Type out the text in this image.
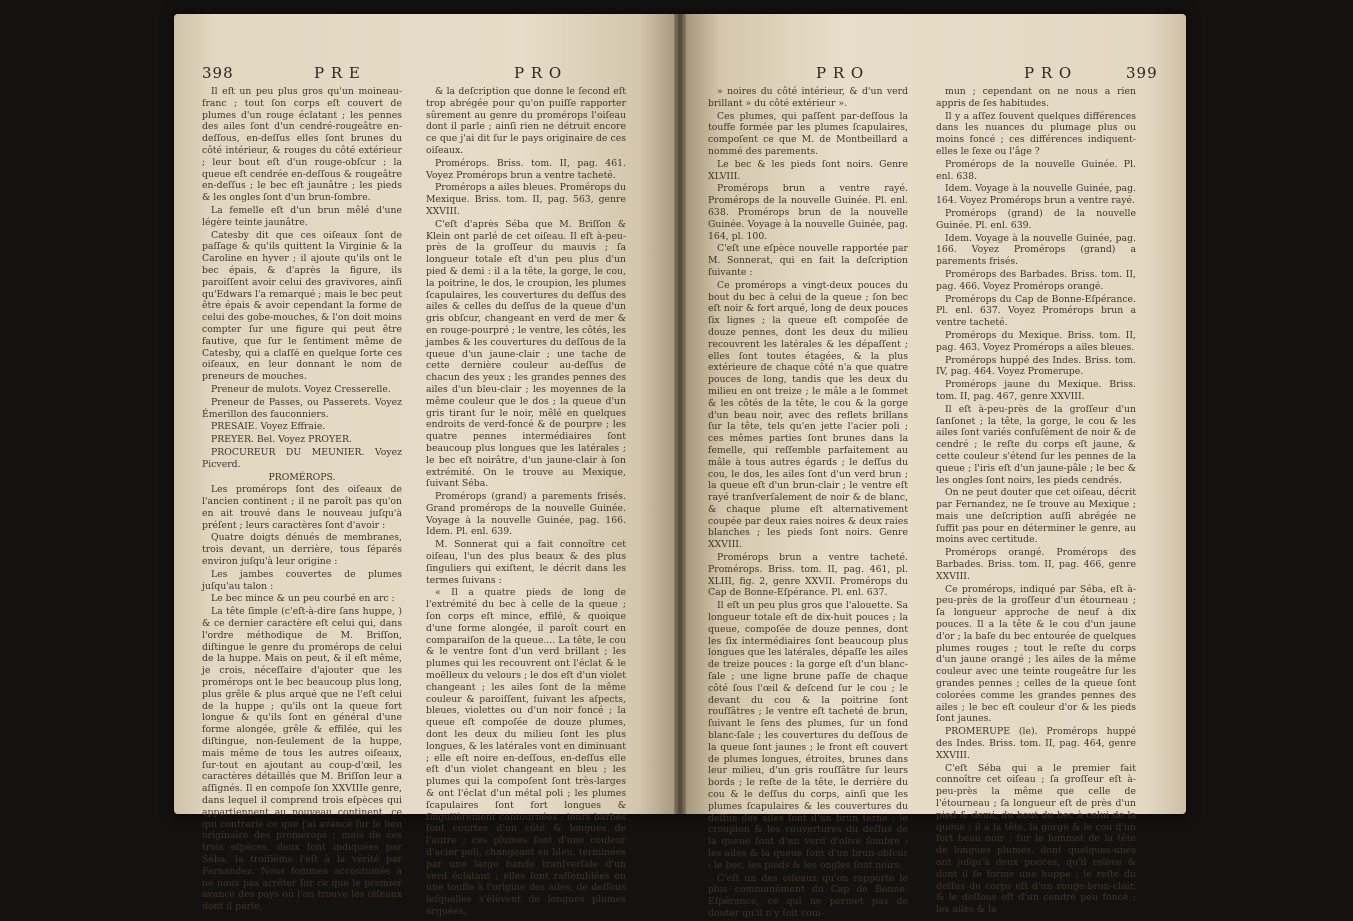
398	P R E	P R O

Il eſt un peu plus gros qu'un moineau-franc ; tout ſon corps eſt couvert de plumes d'un rouge éclatant ; les pennes des ailes ſont d'un cendré-rougeâtre en-deſſous, en-deſſus elles ſont brunes du côté intérieur, & rouges du côté extérieur ; leur bout eſt d'un rouge-obſcur ; la queue eſt cendrée en-deſſous & rougeâtre en-deſſus ; le bec eſt jaunâtre ; les pieds & les ongles ſont d'un brun-ſombre.

La femelle eſt d'un brun mêlé d'une légère teinte jaunâtre.

Catesby dit que ces oiſeaux ſont de paſſage & qu'ils quittent la Virginie & la Caroline en hyver ; il ajoute qu'ils ont le bec épais, & d'après la figure, ils paroiſſent avoir celui des gravivores, ainſi qu'Edwars l'a remarqué ; mais le bec peut être épais & avoir cependant la forme de celui des gobe-mouches, & l'on doit moins compter ſur une figure qui peut être fautive, que ſur le ſentiment même de Catesby, qui a claſſé en quelque ſorte ces oiſeaux, en leur donnant le nom de preneurs de mouches.

Preneur de mulots. Voyez Cresserelle.

Preneur de Passes, ou Passerets. Voyez Émerillon des fauconniers.

PRESAIE. Voyez Effraie.

PREYER. Bel. Voyez PROYER.

PROCUREUR DU MEUNIER. Voyez Picverd.

PROMÉROPS.

Les promérops ſont des oiſeaux de l'ancien continent ; il ne paroît pas qu'on en ait trouvé dans le nouveau juſqu'à préſent ; leurs caractères ſont d'avoir :

Quatre doigts dénués de membranes, trois devant, un derrière, tous ſéparés environ juſqu'à leur origine :

Les jambes couvertes de plumes juſqu'au talon :

Le bec mince & un peu courbé en arc :

La tête ſimple (c'eſt-à-dire ſans huppe, ) & ce dernier caractère eſt celui qui, dans l'ordre méthodique de M. Briſſon, diſtingue le genre du promérops de celui de la huppe. Mais on peut, & il eſt même, je crois, néceſſaire d'ajouter que les promérops ont le bec beaucoup plus long, plus grêle & plus arqué que ne l'eſt celui de la huppe ; qu'ils ont la queue fort longue & qu'ils ſont en général d'une forme alongée, grêle & effilée, qui les diſtingue, non-ſeulement de la huppe, mais même de tous les autres oiſeaux, ſur-tout en ajoutant au coup-d'œil, les caractères détaillés que M. Briſſon leur a aſſignés. Il en compoſe ſon XXVIIIe genre, dans lequel il comprend trois eſpèces qui appartiennent au nouveau continent, ce qui contrarie ce que j'ai avancé ſur le lieu originaire des promérops ; mais de ces trois eſpèces, deux ſont indiquées par Séba, la troiſième l'eſt à la vérité par Fernandez. Nous ſommes accoutumés à ne nous pas arrêter ſur ce que le premier avance des pays où l'on trouve les oiſeaux dont il parle,

& la deſcription que donne le ſecond eſt trop abrégée pour qu'on puiſſe rapporter sûrement au genre du promérops l'oiſeau dont il parle ; ainſi rien ne détruit encore ce que j'ai dit ſur le pays originaire de ces oiſeaux.

Promérops. Briss. tom. II, pag. 461. Voyez Promérops brun a ventre tacheté.

Promérops a ailes bleues. Promérops du Mexique. Briss. tom. II, pag. 563, genre XXVIII.

C'eſt d'après Séba que M. Briſſon & Klein ont parlé de cet oiſeau. Il eſt à-peu-près de la groſſeur du mauvis ; ſa longueur totale eſt d'un peu plus d'un pied & demi : il a la tête, la gorge, le cou, la poitrine, le dos, le croupion, les plumes ſcapulaires, les couvertures du deſſus des ailes & celles du deſſus de la queue d'un gris obſcur, changeant en verd de mer & en rouge-pourpré ; le ventre, les côtés, les jambes & les couvertures du deſſous de la queue d'un jaune-clair ; une tache de cette dernière couleur au-deſſus de chacun des yeux ; les grandes pennes des ailes d'un bleu-clair ; les moyennes de la même couleur que le dos ; la queue d'un gris tirant ſur le noir, mêlé en quelques endroits de verd-foncé & de pourpre ; les quatre pennes intermédiaires ſont beaucoup plus longues que les latérales ; le bec eſt noirâtre, d'un jaune-clair à ſon extrémité. On le trouve au Mexique, ſuivant Séba.

Promérops (grand) a parements frisés. Grand promérops de la nouvelle Guinée. Voyage à la nouvelle Guinée, pag. 166. Idem. Pl. enl. 639.

M. Sonnerat qui a fait connoître cet oiſeau, l'un des plus beaux & des plus ſinguliers qui exiſtent, le décrit dans les termes ſuivans :

« Il a quatre pieds de long de l'extrémité du bec à celle de la queue ; ſon corps eſt mince, effilé, & quoique d'une forme alongée, il paroît court en comparaiſon de la queue.... La tête, le cou & le ventre ſont d'un verd brillant ; les plumes qui les recouvrent ont l'éclat & le moëlleux du velours ; le dos eſt d'un violet changeant ; les ailes ſont de la même couleur & paroiſſent, ſuivant les aſpects, bleues, violettes ou d'un noir foncé ; la queue eſt compoſée de douze plumes, dont les deux du milieu ſont les plus longues, & les latérales vont en diminuant ; elle eſt noire en-deſſous, en-deſſus elle eſt d'un violet changeant en bleu ; les plumes qui la compoſent ſont très-larges & ont l'éclat d'un métal poli ; les plumes ſcapulaires ſont fort longues & ſingulièrement contournées ; leurs barbes ſont courtes d'un côté & longues de l'autre ; ces plumes ſont d'une couleur d'acier poli, changeant en bleu, terminées par une large bande tranſverſale d'un verd éclatant ; elles ſont raſſemblées en une touffe à l'origine des ailes, de deſſous leſquelles s'élèvent de longues plumes arquées,

P R O	P R O	399

» noires du côté intérieur, & d'un verd brillant » du côté extérieur ».

Ces plumes, qui paſſent par-deſſous la touffe formée par les plumes ſcapulaires, compoſent ce que M. de Montbeillard a nommé des parements.

Le bec & les pieds ſont noirs. Genre XLVIII.

Promérops brun a ventre rayé. Promérops de la nouvelle Guinée. Pl. enl. 638. Promérops brun de la nouvelle Guinée. Voyage à la nouvelle Guinée, pag. 164, pl. 100.

C'eſt une eſpèce nouvelle rapportée par M. Sonnerat, qui en fait la deſcription ſuivante :

Ce promérops a vingt-deux pouces du bout du bec à celui de la queue ; ſon bec eſt noir & fort arqué, long de deux pouces ſix lignes ; la queue eſt compoſée de douze pennes, dont les deux du milieu recouvrent les latérales & les dépaſſent ; elles ſont toutes étagées, & la plus extérieure de chaque côté n'a que quatre pouces de long, tandis que les deux du milieu en ont treize ; le mâle a le ſommet & les côtés de la tête, le cou & la gorge d'un beau noir, avec des reflets brillans ſur la tête, tels qu'en jette l'acier poli ; ces mêmes parties ſont brunes dans la femelle, qui reſſemble parfaitement au mâle à tous autres égards ; le deſſus du cou, le dos, les ailes ſont d'un verd brun ; la queue eſt d'un brun-clair ; le ventre eſt rayé tranſverſalement de noir & de blanc, & chaque plume eſt alternativement coupée par deux raies noires & deux raies blanches ; les pieds ſont noirs. Genre XXVIII.

Promérops brun a ventre tacheté. Promérops. Briss. tom. II, pag. 461, pl. XLIII, fig. 2, genre XXVII. Promérops du Cap de Bonne-Eſpérance. Pl. enl. 637.

Il eſt un peu plus gros que l'alouette. Sa longueur totale eſt de dix-huit pouces ; la queue, compoſée de douze pennes, dont les ſix intermédiaires ſont beaucoup plus longues que les latérales, dépaſſe les ailes de treize pouces : la gorge eſt d'un blanc-ſale ; une ligne brune paſſe de chaque côté ſous l'œil & deſcend ſur le cou ; le devant du cou & la poitrine ſont rouſſâtres ; le ventre eſt tacheté de brun, ſuivant le ſens des plumes, ſur un fond blanc-ſale ; les couvertures du deſſous de la queue ſont jaunes ; le front eſt couvert de plumes longues, étroites, brunes dans leur milieu, d'un gris rouſſâtre ſur leurs bords ; le reſte de la tête, le derrière du cou & le deſſus du corps, ainſi que les plumes ſcapulaires & les couvertures du deſſus des ailes ſont d'un brun terne ; le croupion & les couvertures du deſſus de la queue ſont d'un verd d'olive ſombre : les ailes & la queue ſont d'un brun-obſcur : le bec, les pieds & les ongles ſont noirs.

C'eſt un des oiſeaux qu'on rapporte le plus communément du Cap de Bonne-Eſpérance, ce qui ne permet pas de douter qu'il n'y ſoit com-

mun ; cependant on ne nous a rien appris de ſes habitudes.

Il y a aſſez ſouvent quelques différences dans les nuances du plumage plus ou moins foncé ; ces différences indiquent-elles le ſexe ou l'âge ?

Promérops de la nouvelle Guinée. Pl. enl. 638.

Idem. Voyage à la nouvelle Guinée, pag. 164. Voyez Promérops brun a ventre rayé.

Promérops (grand) de la nouvelle Guinée. Pl. enl. 639.

Idem. Voyage à la nouvelle Guinée, pag. 166. Voyez Promérops (grand) a parements frisés.

Promérops des Barbades. Briss. tom. II, pag. 466. Voyez Promérops orangé.

Promérops du Cap de Bonne-Eſpérance. Pl. enl. 637. Voyez Promérops brun a ventre tacheté.

Promérops du Mexique. Briss. tom. II, pag. 463. Voyez Promérops a ailes bleues.

Promérops huppé des Indes. Briss. tom. IV, pag. 464. Voyez Promerupe.

Promérops jaune du Mexique. Briss. tom. II, pag. 467, genre XXVIII.

Il eſt à-peu-près de la groſſeur d'un ſanſonet ; la tête, la gorge, le cou & les ailes ſont variés confuſément de noir & de cendré ; le reſte du corps eſt jaune, & cette couleur s'étend ſur les pennes de la queue ; l'iris eſt d'un jaune-pâle ; le bec & les ongles ſont noirs, les pieds cendrés.

On ne peut douter que cet oiſeau, décrit par Fernandez, ne ſe trouve au Mexique ; mais une deſcription auſſi abrégée ne ſuffit pas pour en déterminer le genre, au moins avec certitude.

Promérops orangé. Promérops des Barbades. Briss. tom. II, pag. 466, genre XXVIII.

Ce promérops, indiqué par Séba, eſt à-peu-près de la groſſeur d'un étourneau ; ſa longueur approche de neuf à dix pouces. Il a la tête & le cou d'un jaune d'or ; la baſe du bec entourée de quelques plumes rouges ; tout le reſte du corps d'un jaune orangé ; les ailes de la même couleur avec une teinte rougeâtre ſur les grandes pennes ; celles de la queue ſont colorées comme les grandes pennes des ailes ; le bec eſt couleur d'or & les pieds ſont jaunes.

PROMERUPE (le). Promérops huppé des Indes. Briss. tom. II, pag. 464, genre XXVIII.

C'eſt Séba qui a le premier fait connoître cet oiſeau ; ſa groſſeur eſt à-peu-près la même que celle de l'étourneau ; ſa longueur eſt de près d'un pied & demi, du bout du bec à celui de la queue ; il a la tête, la gorge & le cou d'un fort beau noir ; ſur le ſommet de la tête de longues plumes, dont quelques-unes ont juſqu'à deux pouces, qu'il relève & dont il ſe forme une huppe ; le reſte du deſſus du corps eſt d'un rouge-brun-clair, & le deſſous eſt d'un cendré peu foncé ; les ailes & la
